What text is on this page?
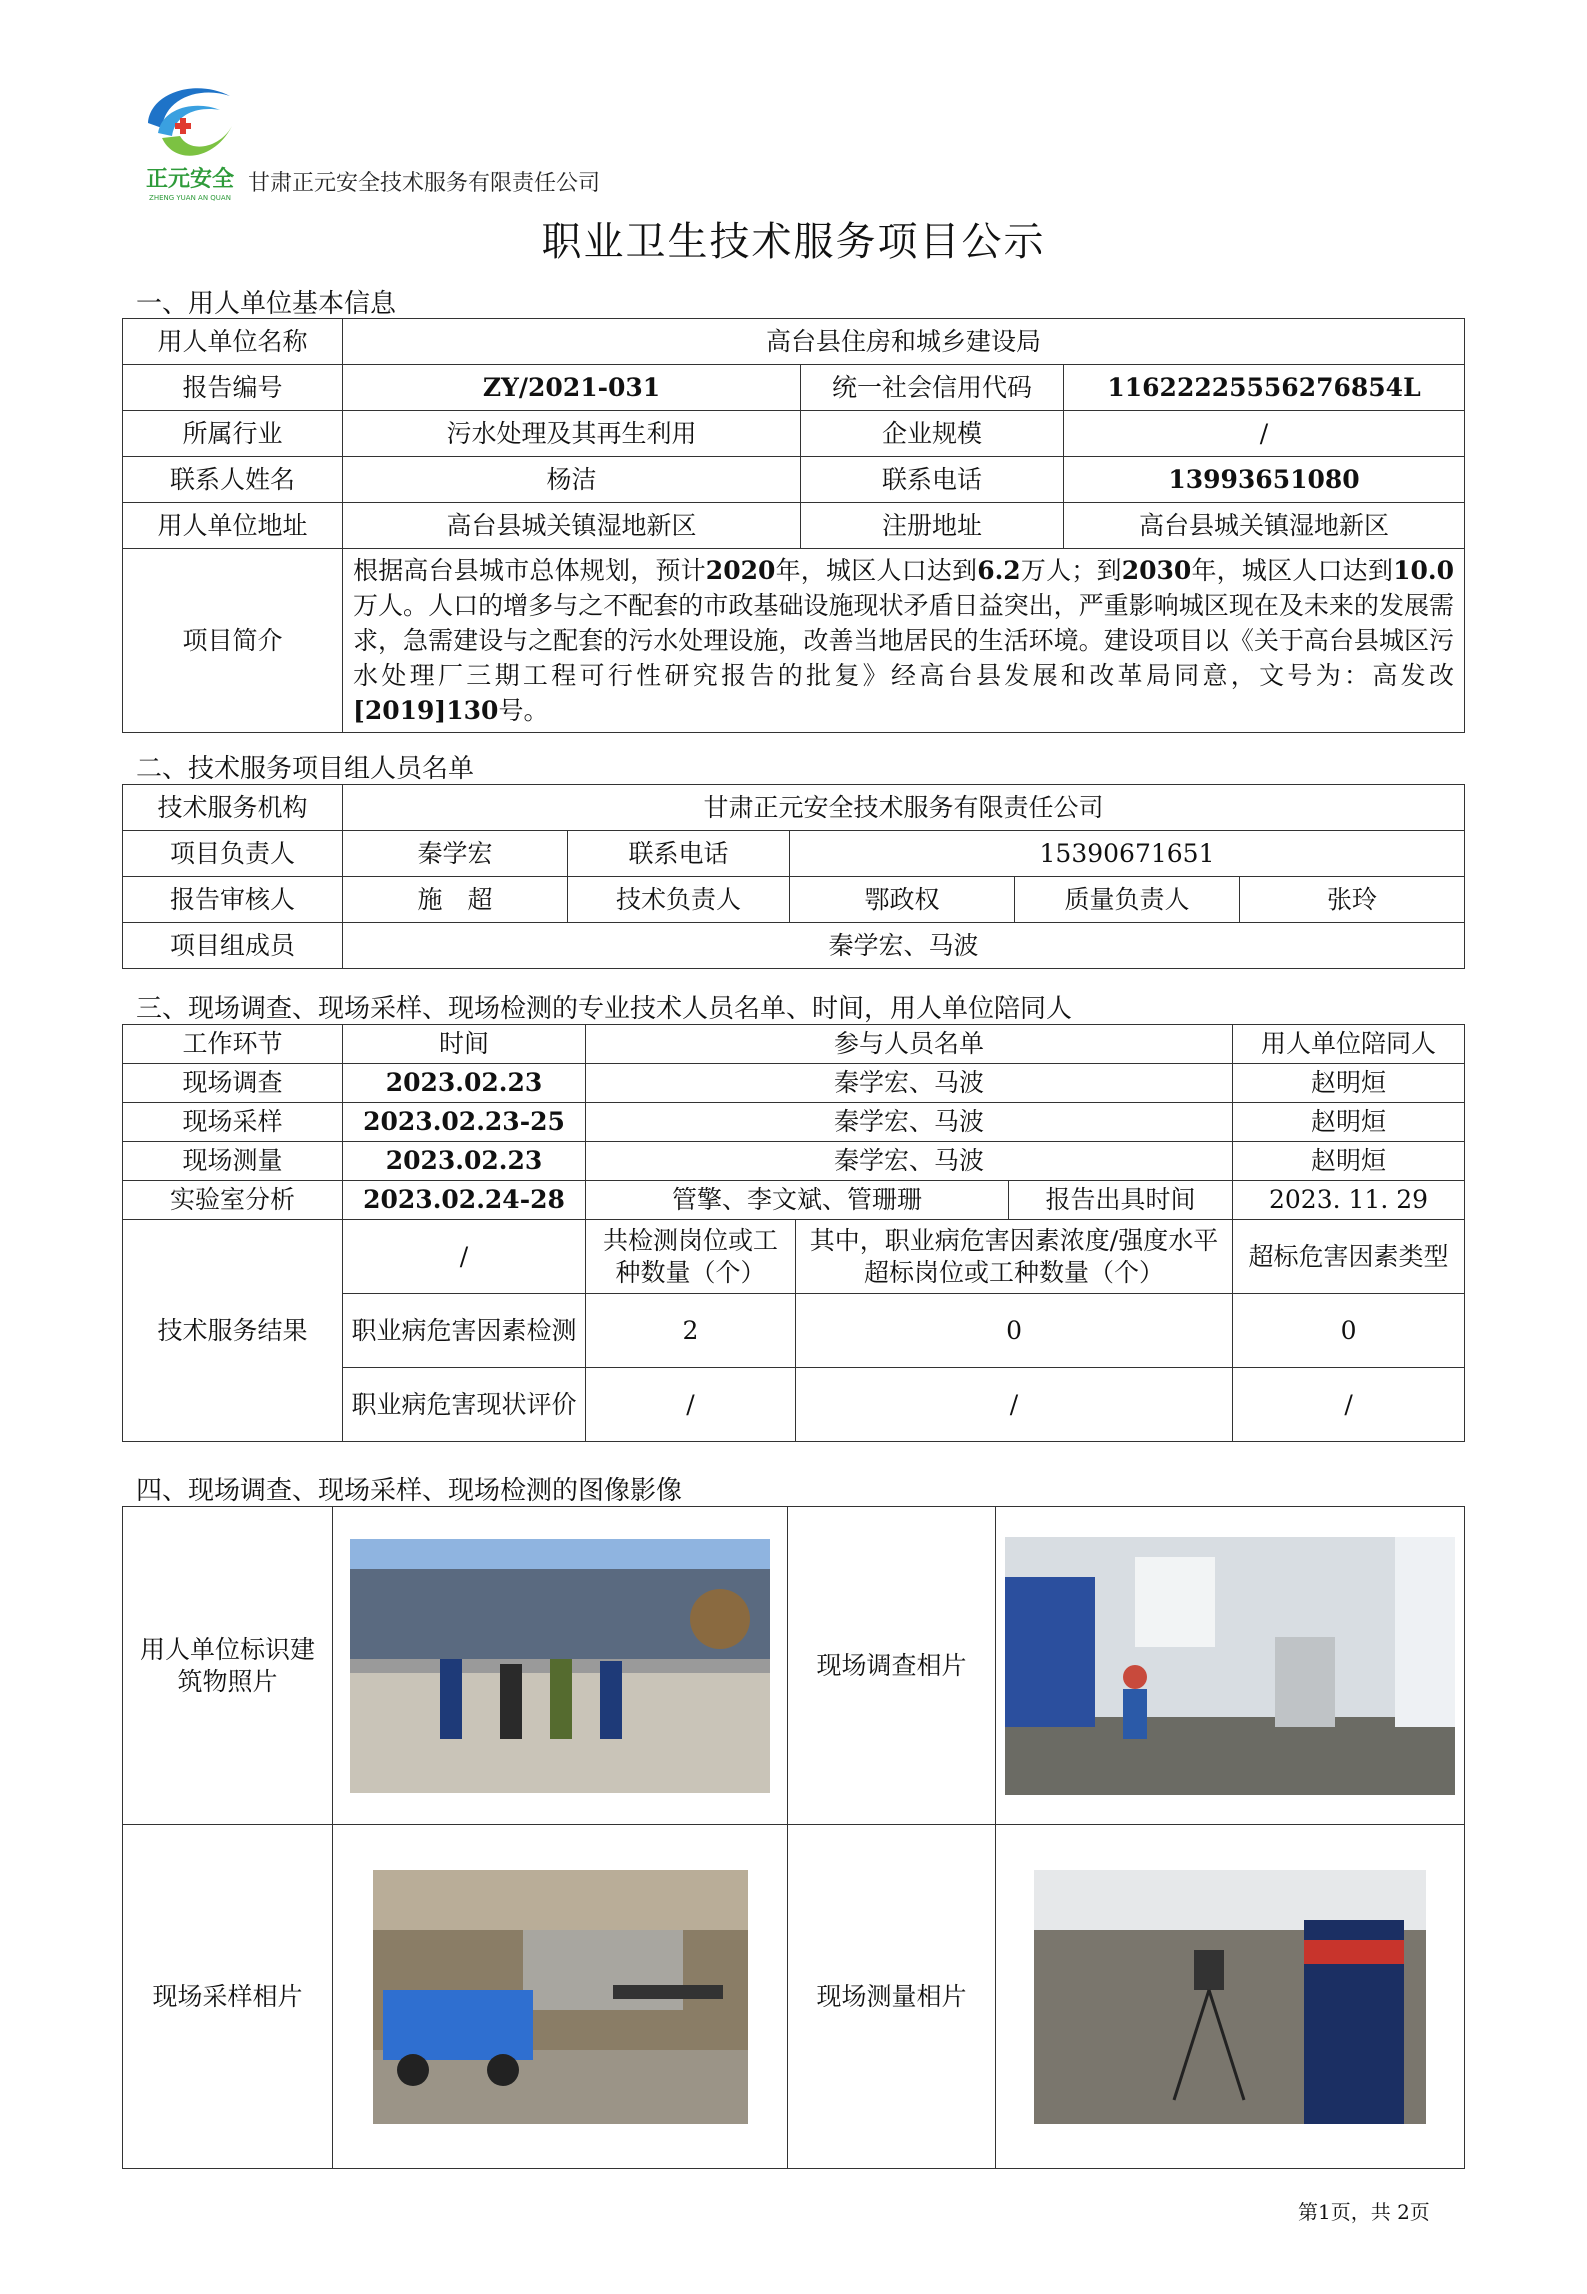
正元安全
ZHENG YUAN AN QUAN
甘肃正元安全技术服务有限责任公司
职业卫生技术服务项目公示
一、用人单位基本信息
用人单位名称	高台县住房和城乡建设局		
报告编号	ZY/2021-031	统一社会信用代码	11622225556276854L
所属行业	污水处理及其再生利用	企业规模	/
联系人姓名	杨洁	联系电话	13993651080
用人单位地址	高台县城关镇湿地新区	注册地址	高台县城关镇湿地新区
项目简介	根据高台县城市总体规划，预计2020年，城区人口达到6.2万人；到2030年，城区人口达到10.0万人。人口的增多与之不配套的市政基础设施现状矛盾日益突出，严重影响城区现在及未来的发展需求，急需建设与之配套的污水处理设施，改善当地居民的生活环境。建设项目以《关于高台县城区污水处理厂三期工程可行性研究报告的批复》经高台县发展和改革局同意，文号为：高发改[2019]130号。		
二、技术服务项目组人员名单
技术服务机构	甘肃正元安全技术服务有限责任公司				
项目负责人	秦学宏	联系电话	15390671651		
报告审核人	施　超	技术负责人	鄂政权	质量负责人	张玲
项目组成员	秦学宏、马波				
三、现场调查、现场采样、现场检测的专业技术人员名单、时间，用人单位陪同人
工作环节	时间	参与人员名单			用人单位陪同人
现场调查	2023.02.23	秦学宏、马波			赵明烜
现场采样	2023.02.23-25	秦学宏、马波			赵明烜
现场测量	2023.02.23	秦学宏、马波			赵明烜
实验室分析	2023.02.24-28	管擎、李文斌、管珊珊		报告出具时间	2023. 11. 29
技术服务结果	/	共检测岗位或工种数量（个）	其中，职业病危害因素浓度/强度水平超标岗位或工种数量（个）		超标危害因素类型
	职业病危害因素检测	2	0		0
	职业病危害现状评价	/	/		/
四、现场调查、现场采样、现场检测的图像影像
用人单位标识建筑物照片		现场调查相片	

现场采样相片		现场测量相片	
第1页，共 2页
